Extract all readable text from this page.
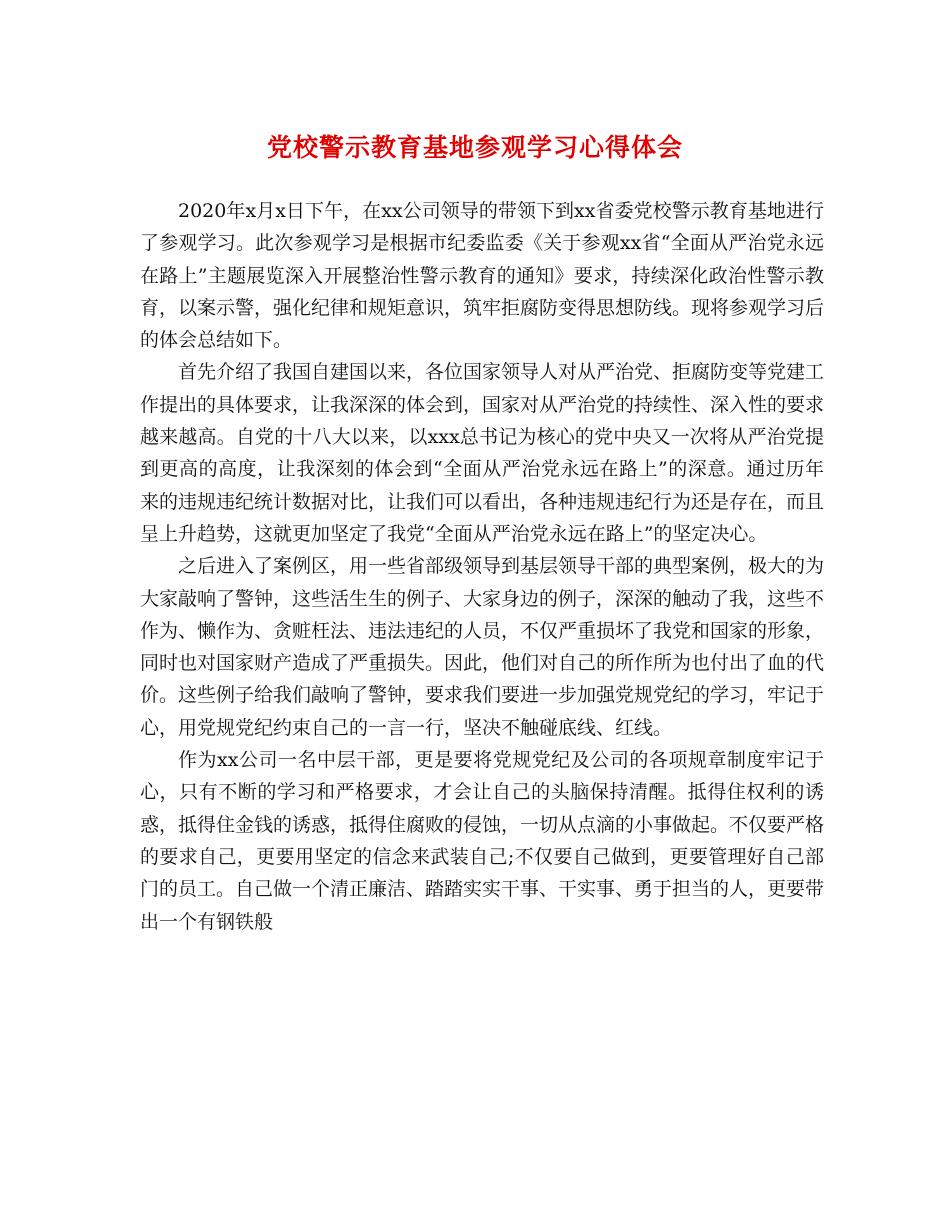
党校警示教育基地参观学习心得体会

2020年x月x日下午，在xx公司领导的带领下到xx省委党校警示教育基地进行了参观学习。此次参观学习是根据市纪委监委《关于参观xx省“全面从严治党永远在路上”主题展览深入开展整治性警示教育的通知》要求，持续深化政治性警示教育，以案示警，强化纪律和规矩意识，筑牢拒腐防变得思想防线。现将参观学习后的体会总结如下。

首先介绍了我国自建国以来，各位国家领导人对从严治党、拒腐防变等党建工作提出的具体要求，让我深深的体会到，国家对从严治党的持续性、深入性的要求越来越高。自党的十八大以来，以xxx总书记为核心的党中央又一次将从严治党提到更高的高度，让我深刻的体会到“全面从严治党永远在路上”的深意。通过历年来的违规违纪统计数据对比，让我们可以看出，各种违规违纪行为还是存在，而且呈上升趋势，这就更加坚定了我党“全面从严治党永远在路上”的坚定决心。

之后进入了案例区，用一些省部级领导到基层领导干部的典型案例，极大的为大家敲响了警钟，这些活生生的例子、大家身边的例子，深深的触动了我，这些不作为、懒作为、贪赃枉法、违法违纪的人员，不仅严重损坏了我党和国家的形象，同时也对国家财产造成了严重损失。因此，他们对自己的所作所为也付出了血的代价。这些例子给我们敲响了警钟，要求我们要进一步加强党规党纪的学习，牢记于心，用党规党纪约束自己的一言一行，坚决不触碰底线、红线。

作为xx公司一名中层干部，更是要将党规党纪及公司的各项规章制度牢记于心，只有不断的学习和严格要求，才会让自己的头脑保持清醒。抵得住权利的诱惑，抵得住金钱的诱惑，抵得住腐败的侵蚀，一切从点滴的小事做起。不仅要严格的要求自己，更要用坚定的信念来武装自己;不仅要自己做到，更要管理好自己部门的员工。自己做一个清正廉洁、踏踏实实干事、干实事、勇于担当的人，更要带出一个有钢铁般
